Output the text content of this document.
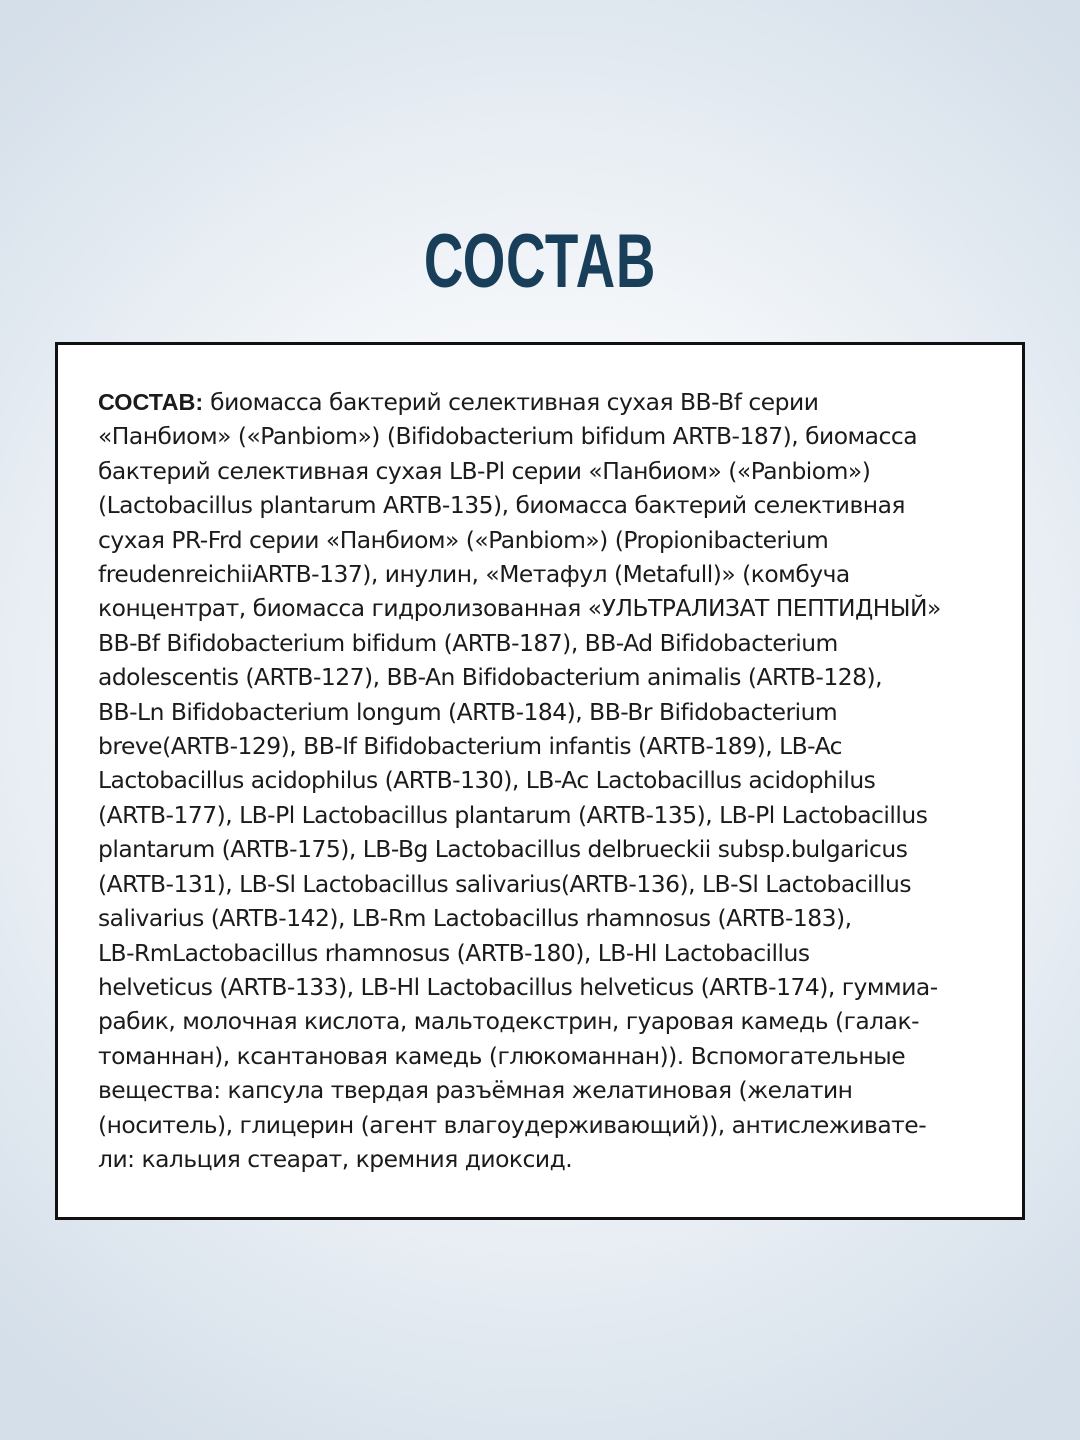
СОСТАВ

СОСТАВ: биомасса бактерий селективная сухая BB-Bf серии
«Панбиом» («Panbiom») (Bifidobacterium bifidum ARTB-187), биомасса
бактерий селективная сухая LB-Pl серии «Панбиом» («Panbiom»)
(Lactobacillus plantarum ARTB-135), биомасса бактерий селективная
сухая PR-Frd серии «Панбиом» («Panbiom») (Propionibacterium
freudenreichiiARTB-137), инулин, «Метафул (Metafull)» (комбуча
концентрат, биомасса гидролизованная «УЛЬТРАЛИЗАТ ПЕПТИДНЫЙ»
BB-Bf Bifidobacterium bifidum (ARTB-187), BB-Ad Bifidobacterium
adolescentis (ARTB-127), BB-An Bifidobacterium animalis (ARTB-128),
BB-Ln Bifidobacterium longum (ARTB-184), BB-Br Bifidobacterium
breve(ARTB-129), BB-If Bifidobacterium infantis (ARTB-189), LB-Ac
Lactobacillus acidophilus (ARTB-130), LB-Ac Lactobacillus acidophilus
(ARTB-177), LB-Pl Lactobacillus plantarum (ARTB-135), LB-Pl Lactobacillus
plantarum (ARTB-175), LB-Bg Lactobacillus delbrueckii subsp.bulgaricus
(ARTB-131), LB-Sl Lactobacillus salivarius(ARTB-136), LB-Sl Lactobacillus
salivarius (ARTB-142), LB-Rm Lactobacillus rhamnosus (ARTB-183),
LB-RmLactobacillus rhamnosus (ARTB-180), LB-Hl Lactobacillus
helveticus (ARTB-133), LB-Hl Lactobacillus helveticus (ARTB-174), гуммиа-
рабик, молочная кислота, мальтодекстрин, гуаровая камедь (галак-
томаннан), ксантановая камедь (глюкоманнан)). Вспомогательные
вещества: капсула твердая разъёмная желатиновая (желатин
(носитель), глицерин (агент влагоудерживающий)), антислеживате-
ли: кальция стеарат, кремния диоксид.
